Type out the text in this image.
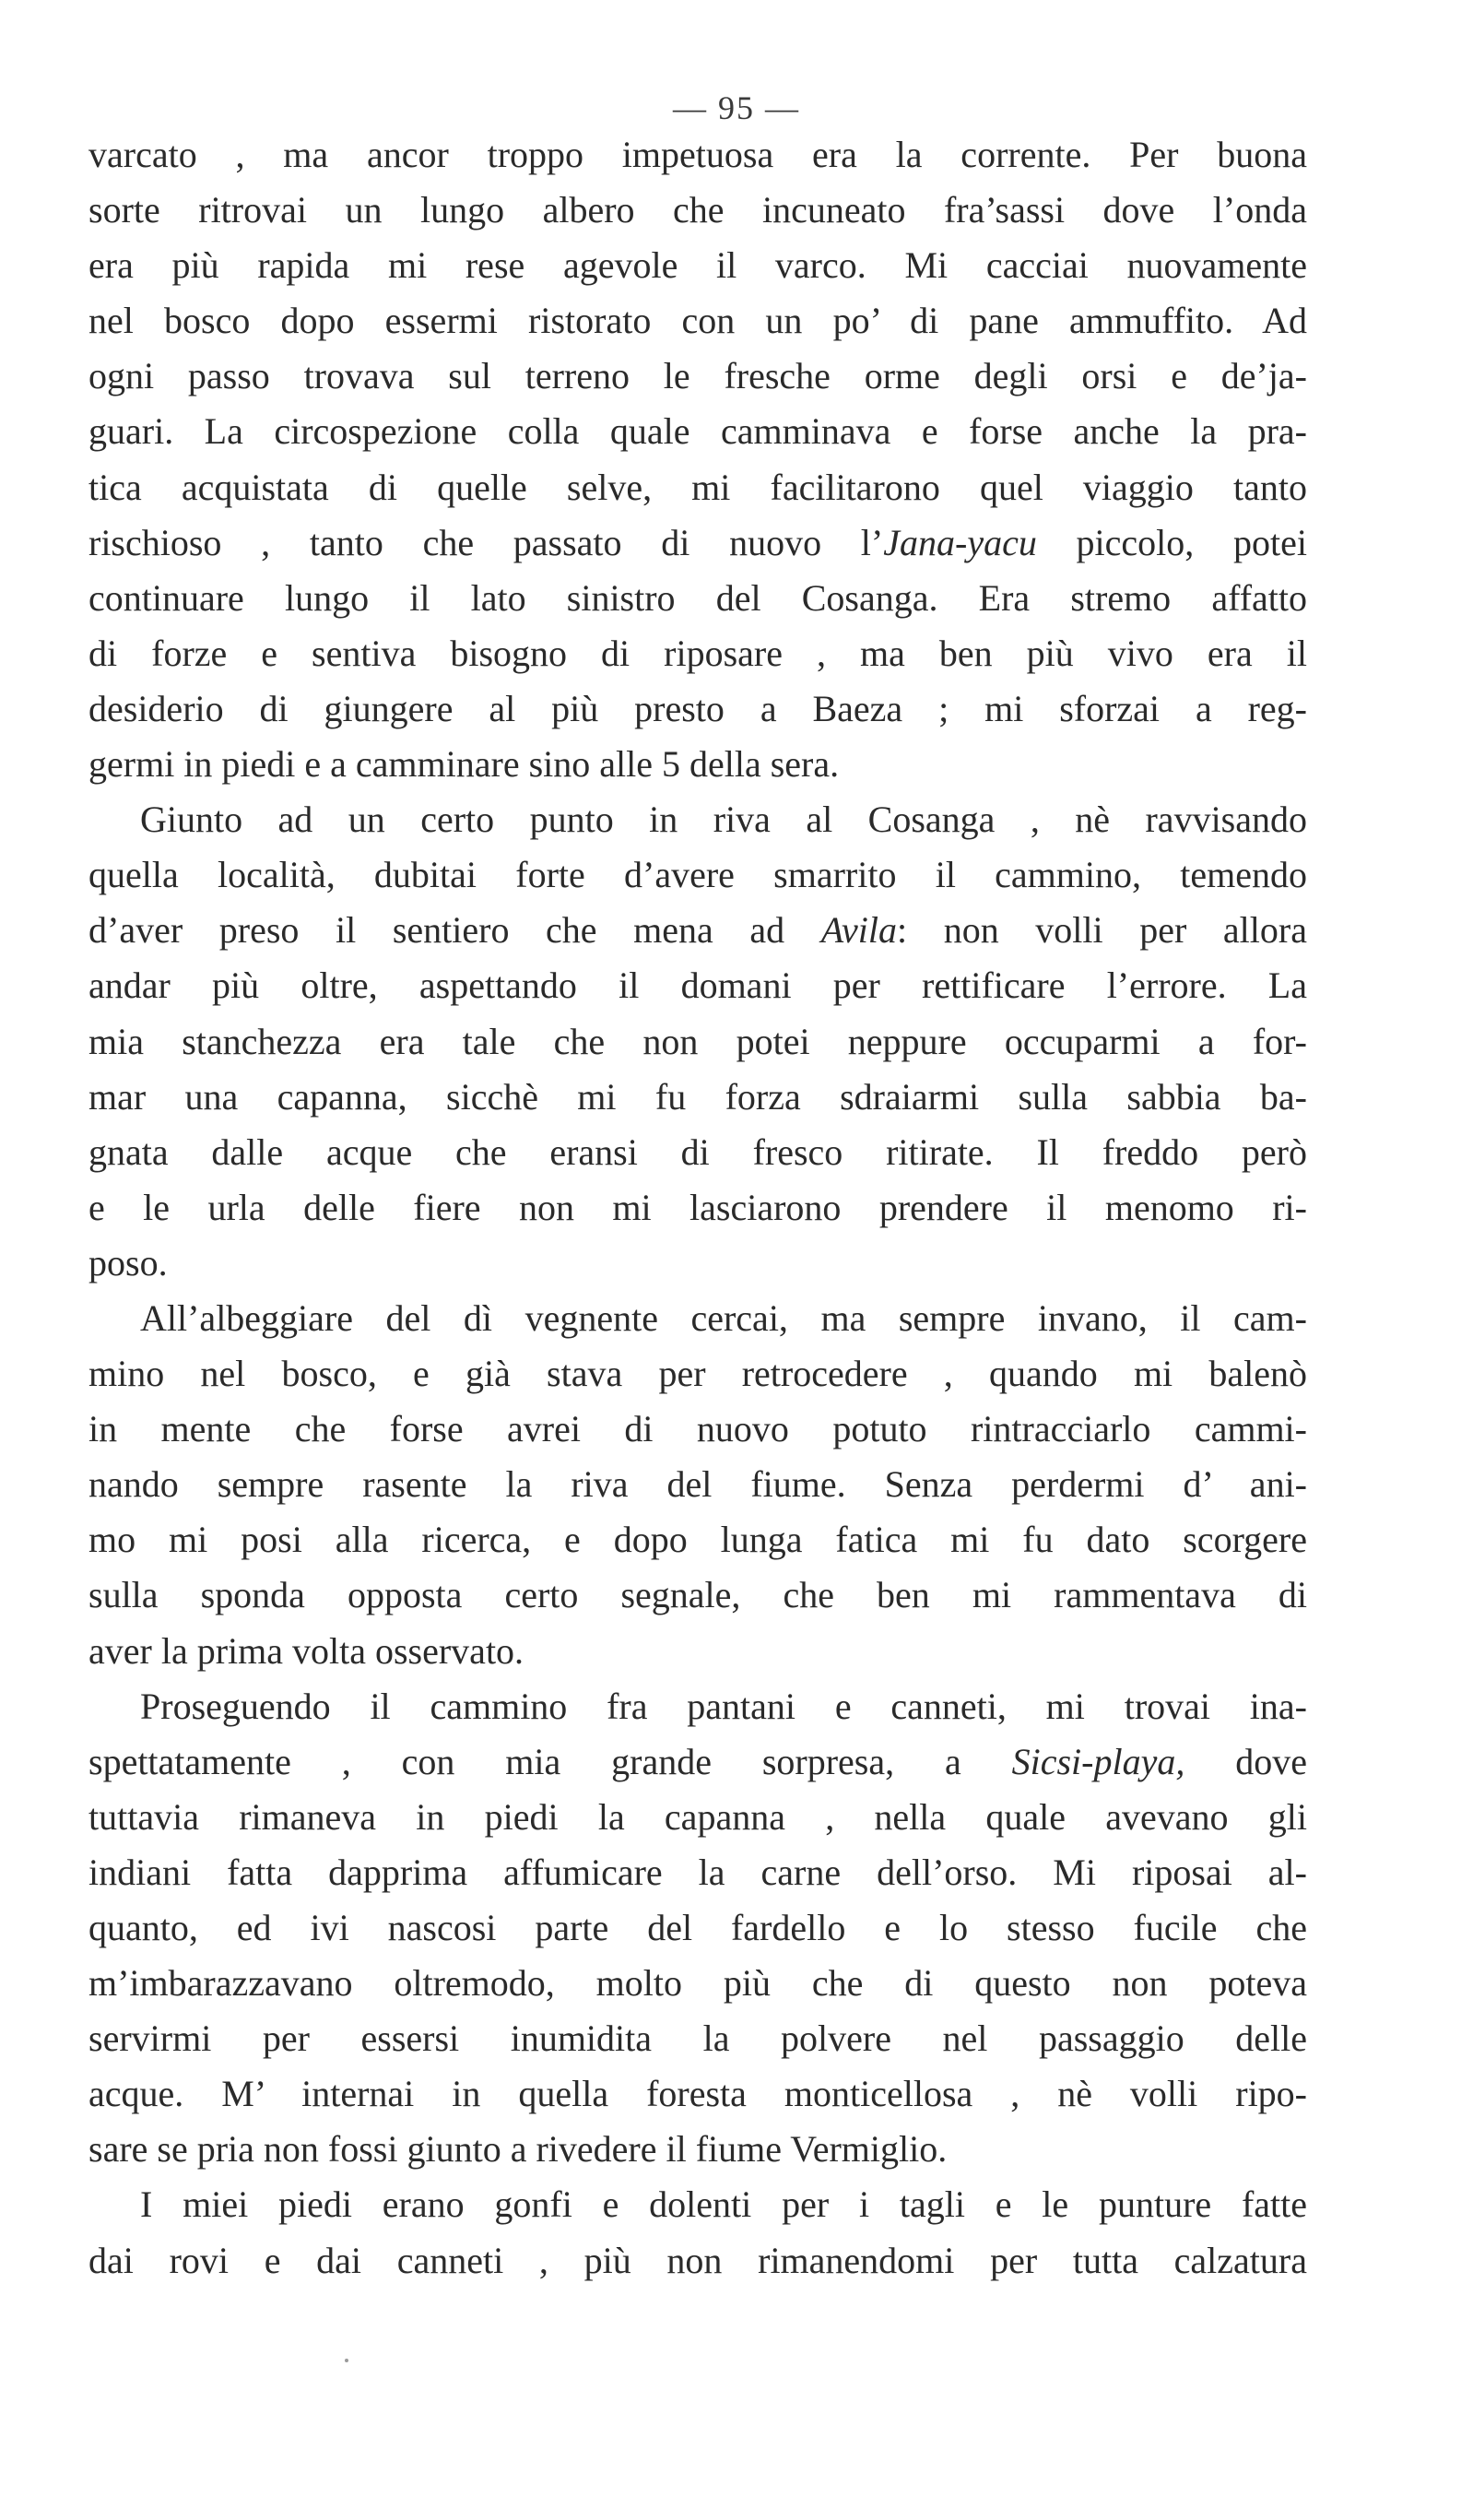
— 95 —
varcato , ma ancor troppo impetuosa era la corrente. Per buona
sorte ritrovai un lungo albero che incuneato fra’sassi dove l’onda
era più rapida mi rese agevole il varco. Mi cacciai nuovamente
nel bosco dopo essermi ristorato con un po’ di pane ammuffito. Ad
ogni passo trovava sul terreno le fresche orme degli orsi e de’ja-
guari. La circospezione colla quale camminava e forse anche la pra-
tica acquistata di quelle selve, mi facilitarono quel viaggio tanto
rischioso , tanto che passato di nuovo l’Jana-yacu piccolo, potei
continuare lungo il lato sinistro del Cosanga. Era stremo affatto
di forze e sentiva bisogno di riposare , ma ben più vivo era il
desiderio di giungere al più presto a Baeza ; mi sforzai a reg-
germi in piedi e a camminare sino alle 5 della sera.
Giunto ad un certo punto in riva al Cosanga , nè ravvisando
quella località, dubitai forte d’avere smarrito il cammino, temendo
d’aver preso il sentiero che mena ad Avila: non volli per allora
andar più oltre, aspettando il domani per rettificare l’errore. La
mia stanchezza era tale che non potei neppure occuparmi a for-
mar una capanna, sicchè mi fu forza sdraiarmi sulla sabbia ba-
gnata dalle acque che eransi di fresco ritirate. Il freddo però
e le urla delle fiere non mi lasciarono prendere il menomo ri-
poso.
All’albeggiare del dì vegnente cercai, ma sempre invano, il cam-
mino nel bosco, e già stava per retrocedere , quando mi balenò
in mente che forse avrei di nuovo potuto rintracciarlo cammi-
nando sempre rasente la riva del fiume. Senza perdermi d’ ani-
mo mi posi alla ricerca, e dopo lunga fatica mi fu dato scorgere
sulla sponda opposta certo segnale, che ben mi rammentava di
aver la prima volta osservato.
Proseguendo il cammino fra pantani e canneti, mi trovai ina-
spettatamente , con mia grande sorpresa, a Sicsi-playa, dove
tuttavia rimaneva in piedi la capanna , nella quale avevano gli
indiani fatta dapprima affumicare la carne dell’orso. Mi riposai al-
quanto, ed ivi nascosi parte del fardello e lo stesso fucile che
m’imbarazzavano oltremodo, molto più che di questo non poteva
servirmi per essersi inumidita la polvere nel passaggio delle
acque. M’ internai in quella foresta monticellosa , nè volli ripo-
sare se pria non fossi giunto a rivedere il fiume Vermiglio.
I miei piedi erano gonfi e dolenti per i tagli e le punture fatte
dai rovi e dai canneti , più non rimanendomi per tutta calzatura
